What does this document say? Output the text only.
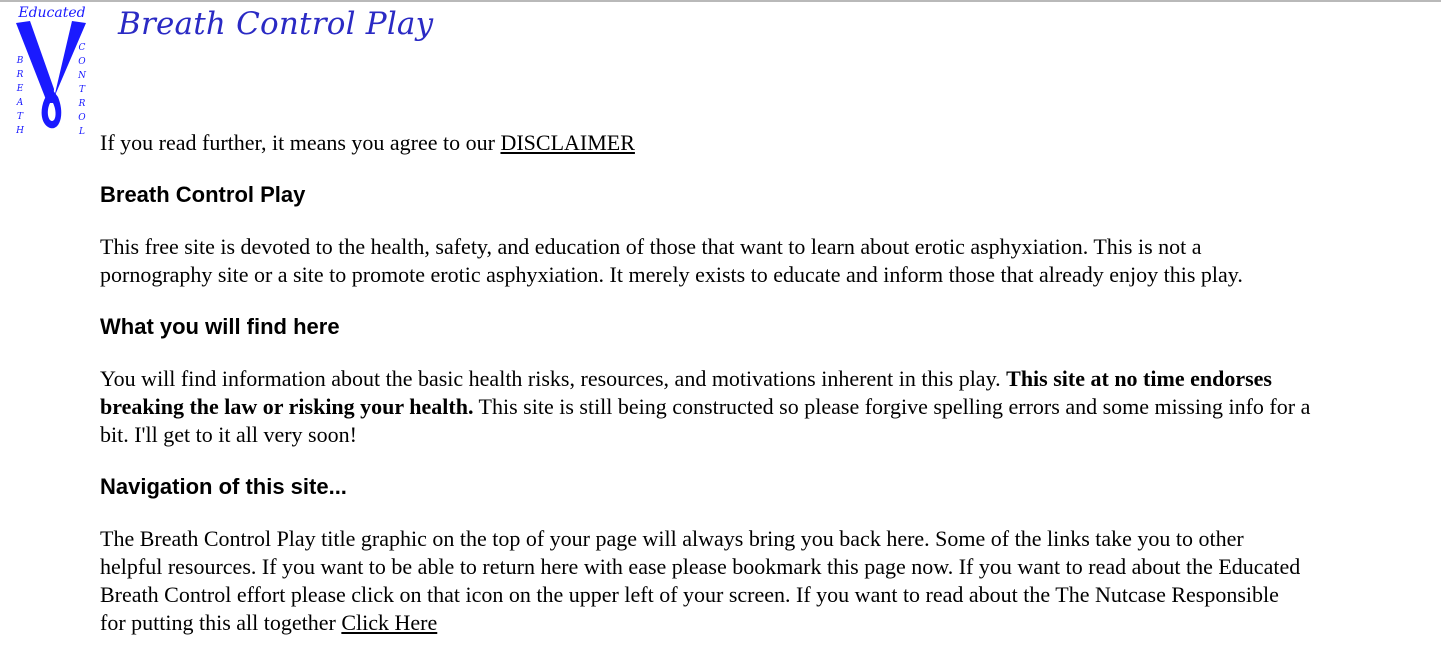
Educated
B
R
E
A
T
H
C
O
N
T
R
O
L
Breath Control Play

If you read further, it means you agree to our DISCLAIMER

Breath Control Play

This free site is devoted to the health, safety, and education of those that want to learn about erotic asphyxiation. This is not a

pornography site or a site to promote erotic asphyxiation. It merely exists to educate and inform those that already enjoy this play.

What you will find here

You will find information about the basic health risks, resources, and motivations inherent in this play. This site at no time endorses

breaking the law or risking your health. This site is still being constructed so please forgive spelling errors and some missing info for a

bit. I'll get to it all very soon!

Navigation of this site...

The Breath Control Play title graphic on the top of your page will always bring you back here. Some of the links take you to other

helpful resources. If you want to be able to return here with ease please bookmark this page now. If you want to read about the Educated

Breath Control effort please click on that icon on the upper left of your screen. If you want to read about the The Nutcase Responsible

for putting this all together Click Here
